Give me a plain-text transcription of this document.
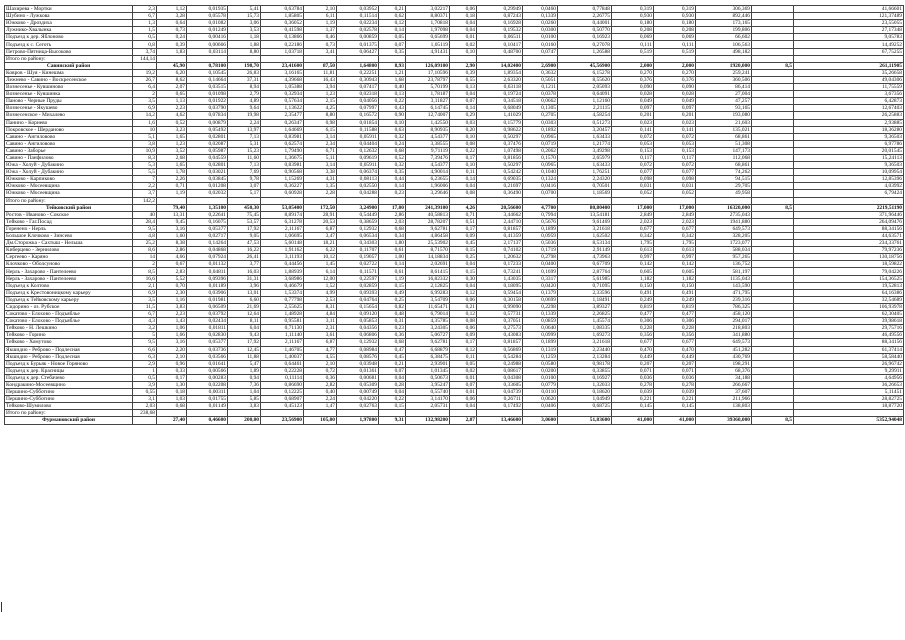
Шахирева - Мортки	2,3	1,12	0,01935	5,41	0,63784	2,10	0,03952	0,21	3,02217	0,06	0,29949	0,0460	0,77848	0,319	0,319	306,369		41,66601
Шубино - Лужкова	6,7	3,28	0,05578	15,73	1,85805	6,11	0,11514	0,62	8,80371	0,18	0,87243	0,1339	2,26775	0,930	0,930	892,446		121,37489
Южково - Дроздиха	1,3	0,64	0,01082	3,06	0,36052	1,19	0,02234	0,12	1,70818	0,04	0,16928	0,0260	0,44001	0,180	0,180	173,165		23,55055
Лужнико-Хвалынка	1,5	0,73	0,01249	3,53	0,41598	1,37	0,02578	0,14	1,97098	0,04	0,19532	0,0300	0,50770	0,208	0,208	199,806		27,17348
Подъезд к дер. Яблоново	0,5	0,24	0,00416	1,18	0,13866	0,46	0,00859	0,05	0,65699	0,01	0,06511	0,0100	0,16923	0,069	0,069	66,602		9,05783
Подъезд к с. Сеготь	0,8	0,39	0,00666	1,88	0,22186	0,73	0,01375	0,07	1,05119	0,02	0,10417	0,0160	0,27078	0,111	0,111	106,563		14,49252
Петрово-Пятница-Высоково	3,74	1,83	0,03114	8,80	1,03718	3,41	0,06427	0,35	4,91431	0,10	0,48700	0,0747	1,26588	0,519	0,519	498,182		67,75255
Итого по району:	144,14																	
Савинский район		45,90	0,78100	198,70	23,41600	87,50	1,64800	8,93	126,09100	2,90	14,02400	2,6900	45,56900	2,000	2,000	1920,000	8,5	261,11905
Ковров - Шуя - Кинешма	19,2	6,20	0,10545	26,83	3,16165	11,81	0,22251	1,21	17,10596	0,39	1,89354	0,3632	6,15278	0,270	0,270	259,241		35,26658
Лежнево - Савино - Воскресенское	26,7	8,62	0,14664	37,31	4,39668	16,43	0,30943	1,68	23,78797	0,55	2,63320	0,5051	8,55620	0,376	0,376	360,506		49,04306
Вознесенье - Кувшиново	6,4	2,07	0,03515	8,94	1,05388	3,94	0,07417	0,40	5,70199	0,13	0,63118	0,1211	2,05093	0,090	0,090	86,414		11,75559
Вознесенье - Кувшинка	2	0,65	0,01098	2,79	0,32934	1,23	0,02318	0,13	1,78187	0,04	0,19724	0,0378	0,64091	0,028	0,028	27,004		3,67356
Паново - Черные Пруды	3,5	1,13	0,01922	4,89	0,57634	2,15	0,04056	0,22	3,11827	0,07	0,34518	0,0662	1,12160	0,049	0,049	47,257		6,42873
Вознесенье - Якушево	6,9	2,23	0,03790	9,64	1,13622	4,25	0,07997	0,43	6,14745	0,14	0,68049	0,1305	2,21115	0,097	0,097	93,165		12,67403
Вознесенское - Михалево	14,2	4,62	0,07834	19,98	2,35477	8,80	0,16572	0,90	12,74007	0,29	1,41029	0,2705	4,58254	0,201	0,201	193,080		26,25883
Панино - Корнево	1,6	0,52	0,00879	2,24	0,26347	0,98	0,01854	0,10	1,42550	0,03	0,15779	0,0303	0,51273	0,023	0,023	21,603		2,93885
Покровское - Шерданово	10	3,23	0,05492	13,97	1,64669	6,15	0,11588	0,63	8,90935	0,20	0,98622	0,1892	3,20457	0,141	0,141	135,021		18,36280
Савино - Ангиловово	5,1	1,65	0,02801	7,13	0,83981	3,14	0,05911	0,32	4,54377	0,10	0,50297	0,0965	1,63433	0,072	0,072	68,861		9,36503
Савино - Ангиловово	3,8	1,23	0,02087	5,31	0,62574	2,34	0,04404	0,24	3,38555	0,08	0,37476	0,0719	1,21774	0,053	0,053	51,308		6,97786
Савино - Заборье	10,9	3,52	0,05987	15,23	1,79490	6,71	0,12632	0,68	9,71119	0,22	1,07498	0,2062	3,49298	0,153	0,153	147,173		20,01545
Савино - Панфилово	8,3	2,68	0,04559	11,60	1,36675	5,11	0,09619	0,52	7,39476	0,17	0,81856	0,1570	2,65979	0,117	0,117	112,068		15,24113
Южа - Холуй - Дубакино	5,3	1,65	0,02801	7,13	0,83981	3,14	0,05911	0,32	4,54377	0,10	0,50297	0,0965	1,63433	0,072	0,072	68,861		9,36503
Южа - Холуй - Дубакино	5,5	1,78	0,03021	7,69	0,90568	3,38	0,06374	0,35	4,90014	0,11	0,54242	0,1040	1,76251	0,077	0,077	74,262		10,09954
Южково - Карпиково	7	2,26	0,03845	9,78	1,15269	4,31	0,08113	0,44	6,23655	0,14	0,69035	0,1324	2,24320	0,098	0,098	94,515		12,85396
Южково - Мосеевщина	2,2	0,71	0,01208	3,07	0,36227	1,35	0,02550	0,14	1,96006	0,04	0,21697	0,0416	0,70501	0,031	0,031	29,705		4,03992
Южково - Мосеевщина	3,7	1,19	0,02032	5,17	0,60928	2,28	0,04288	0,23	3,29646	0,08	0,36490	0,0700	1,18569	0,052	0,052	49,958		6,79424
Итого по району:	142,2																	
Тейковский район		79,40	1,35100	450,30	53,05400	172,50	3,24900	17,00	241,39100	4,26	20,56600	4,7700	80,80400	17,000	17,000	16320,000	8,5	2219,51190
Ростов - Иваново - Сокское	40	13,31	0,22641	75,45	8,89174	28,91	0,54449	2,86	40,58813	0,71	3,44662	0,7994	13,54181	2,849	2,849	2735,043		371,96446
Тейково - Гаг.Посад	28,4	9,45	0,16075	53,57	6,31278	20,53	0,38659	2,03	28,78207	0,51	2,44710	0,5676	9,61469	2,023	2,023	1941,880		264,09476
Горенено - Нерль	9,5	3,16	0,05377	17,92	2,11167	6,87	0,12932	0,68	9,62781	0,17	0,81857	0,1899	3,21618	0,677	0,677	649,573		88,34156
Большое Клочково - Зинсево	4,8	1,60	0,02717	9,05	1,06695	3,47	0,06534	0,34	4,86458	0,09	0,41359	0,0959	1,62502	0,342	0,342	328,205		44,63571
Дм.Сторожка - Сахтыш - Нельша	25,2	8,38	0,14264	47,53	5,60148	18,21	0,34303	1,80	25,53902	0,45	2,17137	0,5036	8,53134	1,795	1,795	1723,077		234,33761
Киберцево - Зернилово	8,6	2,86	0,04868	16,22	1,91162	6,22	0,11707	0,61	8,71570	0,15	0,74102	0,1719	2,91149	0,613	0,613	588,034		79,97236
Сергеево - Каряно	14	4,66	0,07924	26,41	3,11193	10,12	0,19057	1,00	14,18834	0,25	1,20632	0,2798	4,73963	0,997	0,997	957,265		130,18756
Клочково - Оболсуново	2	0,67	0,01132	3,77	0,44456	1,45	0,02722	0,14	2,02691	0,04	0,17233	0,0400	0,67709	0,142	0,142	136,752		18,59822
Нерль - Захарово - Пантелеево	8,5	2,83	0,04811	16,03	1,88939	6,14	0,11571	0,61	8,61415	0,15	0,73241	0,1699	2,87764	0,605	0,605	581,197		79,04226
Нерль - Захарово - Пантелеево	16,6	5,52	0,09396	31,31	3,68986	12,00	0,22597	1,19	16,82332	0,30	1,43035	0,3317	5,61985	1,182	1,182	1135,043		154,36525
Подъезд к Колтово	2,1	0,70	0,01189	3,96	0,46679	1,52	0,02859	0,15	2,12825	0,04	0,18095	0,0420	0,71095	0,150	0,150	143,590		19,52813
Подъезд к Крестовоницкому карьеру	6,9	2,30	0,03906	13,01	1,53374	4,99	0,09393	0,49	6,99283	0,12	0,59454	0,1379	2,33596	0,491	0,491	471,795		64,16386
Подъезд к Тейковскому карьеру	3,5	1,16	0,01981	6,60	0,77798	2,53	0,04764	0,25	3,54709	0,06	0,30158	0,0699	1,18491	0,249	0,249	239,316		32,54689
Сидорино - оз. Рубское	11,5	3,83	0,06509	21,69	2,55625	8,31	0,15654	0,82	11,65471	0,21	0,99090	0,2298	3,89327	0,819	0,819	786,325		106,93978
Сокатово - Елохово - Подъяблье	6,7	2,23	0,03792	12,64	1,48928	4,84	0,09120	0,48	6,79014	0,12	0,57731	0,1339	2,26825	0,477	0,477	458,120		62,30405
Сокатово - Елохово - Подъяблье	4,3	1,43	0,02434	8,11	0,95581	3,11	0,05853	0,31	4,35785	0,08	0,37051	0,0859	1,45574	0,306	0,306	294,017		39,98618
Тейково - Н. Лешкино	3,2	1,06	0,01811	6,04	0,71130	2,31	0,04356	0,23	3,24305	0,06	0,27573	0,0640	1,08335	0,228	0,228	218,803		29,75716
Тейково - Горино	5	1,66	0,02830	9,43	1,11140	3,61	0,06806	0,36	5,06727	0,09	0,43083	0,0999	1,69273	0,356	0,356	341,880		46,49556
Тейково - Хомутово	9,5	3,16	0,05377	17,92	2,11167	6,87	0,12932	0,68	9,62781	0,17	0,81857	0,1899	3,21618	0,677	0,677	649,573		88,34156
Якшидио - Реброво - Подлесная	6,6	2,20	0,03736	12,45	1,46705	4,77	0,08984	0,47	6,68879	0,12	0,56869	0,1319	2,23440	0,470	0,470	451,282		61,37414
Якшидио - Реброво - Подлесная	6,3	2,10	0,03566	11,88	1,40037	4,55	0,08576	0,45	6,38475	0,11	0,54284	0,1259	2,13284	0,449	0,449	430,769		58,58440
Подъезд к Бурьяк - Новое Горяново	2,9	0,96	0,01641	5,47	0,64461	2,10	0,03948	0,21	2,93901	0,05	0,24988	0,0580	0,98178	0,207	0,207	198,291		26,96742
Подъезд к дер. Красницы	1	0,33	0,00566	1,89	0,22228	0,72	0,01361	0,07	1,01345	0,02	0,08617	0,0200	0,33855	0,071	0,071	68,376		9,29911
Подъезд к дер. Стебачево	0,5	0,17	0,00283	0,94	0,11114	0,36	0,00681	0,04	0,50673	0,01	0,04308	0,0100	0,16927	0,036	0,036	34,188		4,64956
Кондракино-Мосеевщино	3,9	1,30	0,02208	7,36	0,86690	2,82	0,05309	0,28	3,95247	0,07	0,33605	0,0779	1,32033	0,278	0,278	266,667		36,26653
Першино-Субботино	0,55	0,18	0,00311	1,04	0,12225	0,40	0,00749	0,04	0,55740	0,01	0,04739	0,0110	0,18620	0,039	0,039	37,607		5,11451
Першино-Субботино	3,1	1,03	0,01755	5,85	0,68907	2,24	0,04220	0,22	3,14170	0,06	0,26711	0,0620	1,04949	0,221	0,221	211,966		28,82725
Тейково-Шумилово	2,03	0,68	0,01149	3,83	0,45123	1,47	0,02763	0,15	2,05731	0,04	0,17492	0,0406	0,68725	0,145	0,145	138,803		18,87720
Итого по району:	238,68																	
Фурмановский район		27,40	0,46600	200,00	23,56900	105,00	1,97800	9,31	132,98200	2,87	13,46600	3,0600	51,83600	41,000	41,000	39360,000	8,5	5352,94048
